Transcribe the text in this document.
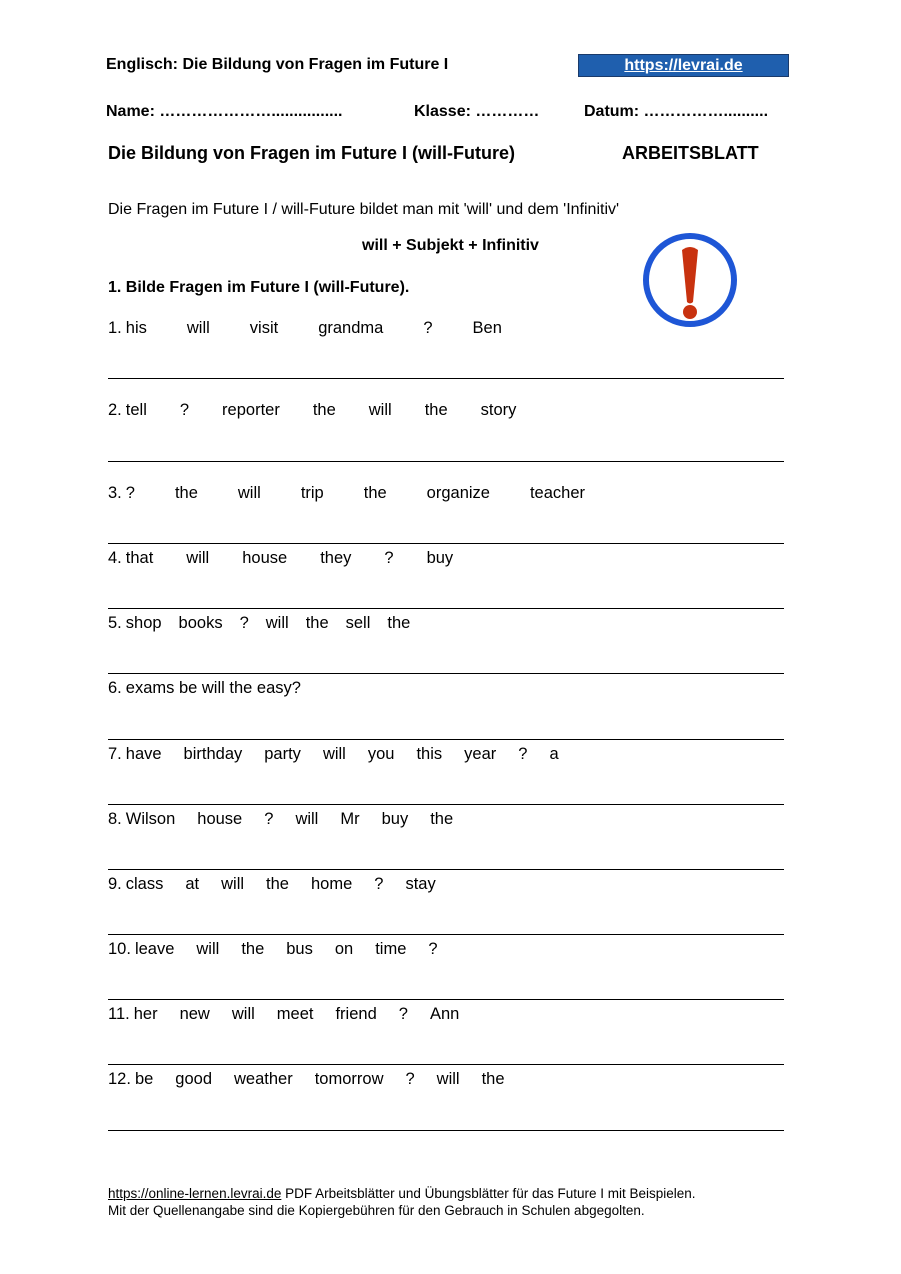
Englisch: Die Bildung von Fragen im Future I	https://levrai.de
Name: …………………................	Klasse: …………	Datum: ……………..........
Die Bildung von Fragen im Future I (will-Future)	ARBEITSBLATT
Die Fragen im Future I / will-Future bildet man mit 'will' und dem 'Infinitiv'
will + Subjekt + Infinitiv
1. Bilde Fragen im Future I (will-Future).
1. his will visit grandma ? Ben
2. tell ? reporter the will the story
3. ? the will trip the organize teacher
4. that will house they ? buy
5. shop books ? will the sell the
6. exams be will the easy?
7. have birthday party will you this year ? a
8. Wilson house ? will Mr buy the
9. class at will the home ? stay
10. leave will the bus on time ?
11. her new will meet friend ? Ann
12. be good weather tomorrow ? will the
https://online-lernen.levrai.de PDF Arbeitsblätter und Übungsblätter für das Future I mit Beispielen.
Mit der Quellenangabe sind die Kopiergebühren für den Gebrauch in Schulen abgegolten.
